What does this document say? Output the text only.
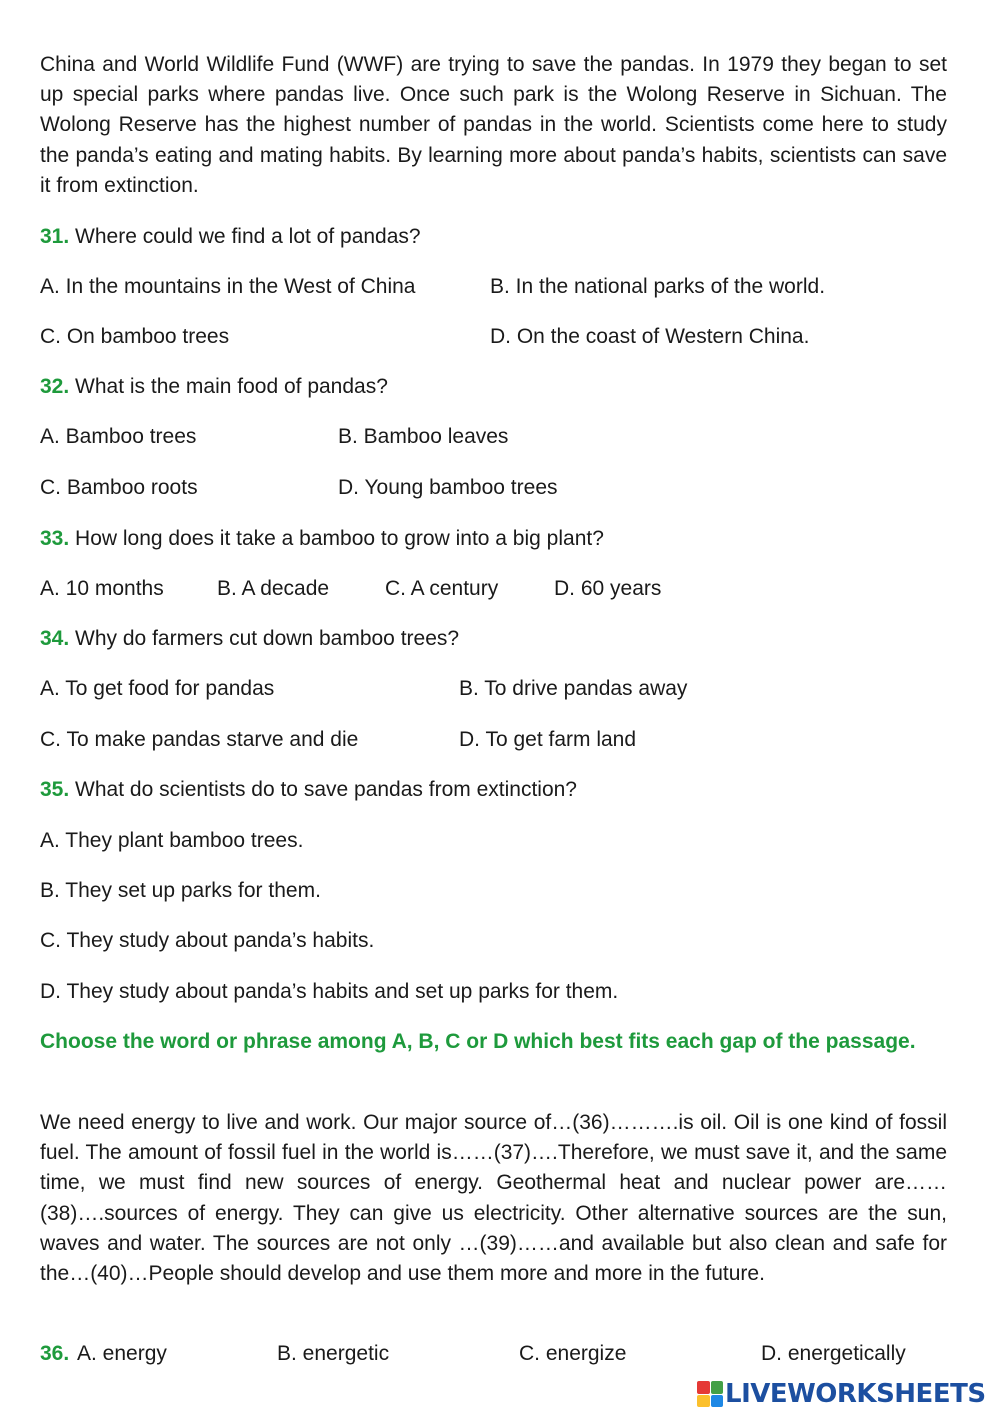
China and World Wildlife Fund (WWF) are trying to save the pandas. In 1979 they began to set up special parks where pandas live. Once such park is the Wolong Reserve in Sichuan. The Wolong Reserve has the highest number of pandas in the world. Scientists come here to study the panda’s eating and mating habits. By learning more about panda’s habits, scientists can save it from extinction.

31. Where could we find a lot of pandas?
A. In the mountains in the West of China	B. In the national parks of the world.
C. On bamboo trees	D. On the coast of Western China.
32. What is the main food of pandas?
A. Bamboo trees	B. Bamboo leaves
C. Bamboo roots	D. Young bamboo trees
33. How long does it take a bamboo to grow into a big plant?
A. 10 months	B. A decade	C. A century	D. 60 years
34. Why do farmers cut down bamboo trees?
A. To get food for pandas	B. To drive pandas away
C. To make pandas starve and die	D. To get farm land
35. What do scientists do to save pandas from extinction?
A. They plant bamboo trees.
B. They set up parks for them.
C. They study about panda’s habits.
D. They study about panda’s habits and set up parks for them.

Choose the word or phrase among A, B, C or D which best fits each gap of the passage.

We need energy to live and work. Our major source of…(36)……….is oil. Oil is one kind of fossil fuel. The amount of fossil fuel in the world is……(37)….Therefore, we must save it, and the same time, we must find new sources of energy. Geothermal heat and nuclear power are……(38)….sources of energy. They can give us electricity. Other alternative sources are the sun, waves and water. The sources are not only …(39)……and available but also clean and safe for the…(40)…People should develop and use them more and more in the future.

36. A. energy	B. energetic	C. energize	D. energetically
LIVEWORKSHEETS
